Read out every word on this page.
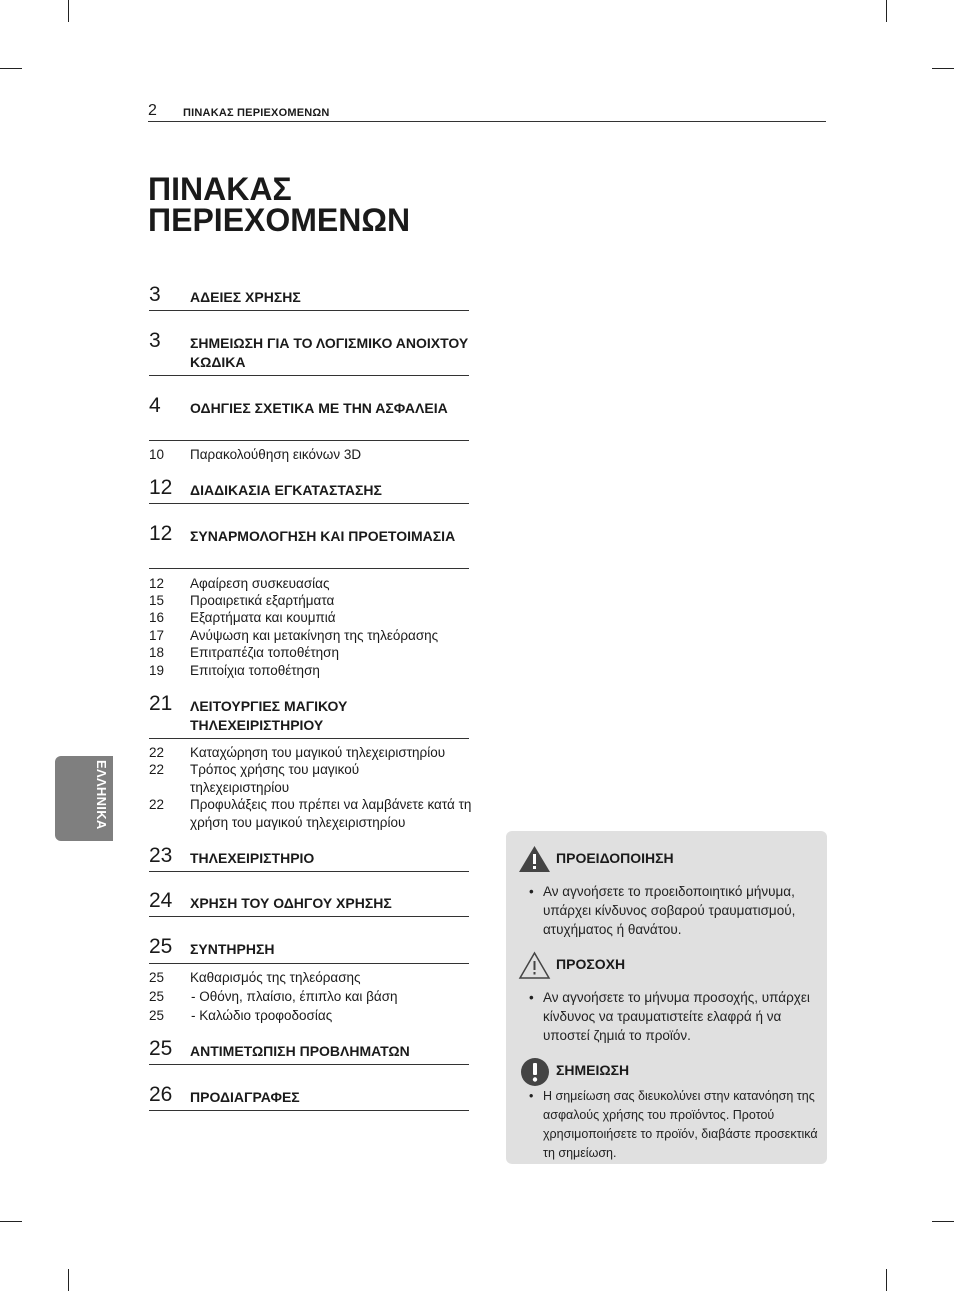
2 ΠΙΝΑΚΑΣ ΠΕΡΙΕΧΟΜΕΝΩΝ
ΠΙΝΑΚΑΣ ΠΕΡΙΕΧΟΜΕΝΩΝ
3 ΑΔΕΙΕΣ ΧΡΗΣΗΣ
3 ΣΗΜΕΙΩΣΗ ΓΙΑ ΤΟ ΛΟΓΙΣΜΙΚΟ ΑΝΟΙΧΤΟΥ ΚΩΔΙΚΑ
4 ΟΔΗΓΙΕΣ ΣΧΕΤΙΚΑ ΜΕ ΤΗΝ ΑΣΦΑΛΕΙΑ
10 Παρακολούθηση εικόνων 3D
12 ΔΙΑΔΙΚΑΣΙΑ ΕΓΚΑΤΑΣΤΑΣΗΣ
12 ΣΥΝΑΡΜΟΛΟΓΗΣΗ ΚΑΙ ΠΡΟΕΤΟΙΜΑΣΙΑ
12 Αφαίρεση συσκευασίας
15 Προαιρετικά εξαρτήματα
16 Εξαρτήματα και κουμπιά
17 Ανύψωση και μετακίνηση της τηλεόρασης
18 Επιτραπέζια τοποθέτηση
19 Επιτοίχια τοποθέτηση
21 ΛΕΙΤΟΥΡΓΙΕΣ ΜΑΓΙΚΟΥ ΤΗΛΕΧΕΙΡΙΣΤΗΡΙΟΥ
22 Καταχώρηση του μαγικού τηλεχειριστηρίου
22 Τρόπος χρήσης του μαγικού τηλεχειριστηρίου
22 Προφυλάξεις που πρέπει να λαμβάνετε κατά τη χρήση του μαγικού τηλεχειριστηρίου
23 ΤΗΛΕΧΕΙΡΙΣΤΗΡΙΟ
24 ΧΡΗΣΗ ΤΟΥ ΟΔΗΓΟΥ ΧΡΗΣΗΣ
25 ΣΥΝΤΗΡΗΣΗ
25 Καθαρισμός της τηλεόρασης
25 - Οθόνη, πλαίσιο, έπιπλο και βάση
25 - Καλώδιο τροφοδοσίας
25 ΑΝΤΙΜΕΤΩΠΙΣΗ ΠΡΟΒΛΗΜΑΤΩΝ
26 ΠΡΟΔΙΑΓΡΑΦΕΣ
ΕΛΛΗΝΙΚΑ
ΠΡΟΕΙΔΟΠΟΙΗΣΗ
• Αν αγνοήσετε το προειδοποιητικό μήνυμα, υπάρχει κίνδυνος σοβαρού τραυματισμού, ατυχήματος ή θανάτου.
ΠΡΟΣΟΧΗ
• Αν αγνοήσετε το μήνυμα προσοχής, υπάρχει κίνδυνος να τραυματιστείτε ελαφρά ή να υποστεί ζημιά το προϊόν.
ΣΗΜΕΙΩΣΗ
• Η σημείωση σας διευκολύνει στην κατανόηση της ασφαλούς χρήσης του προϊόντος. Προτού χρησιμοποιήσετε το προϊόν, διαβάστε προσεκτικά τη σημείωση.
